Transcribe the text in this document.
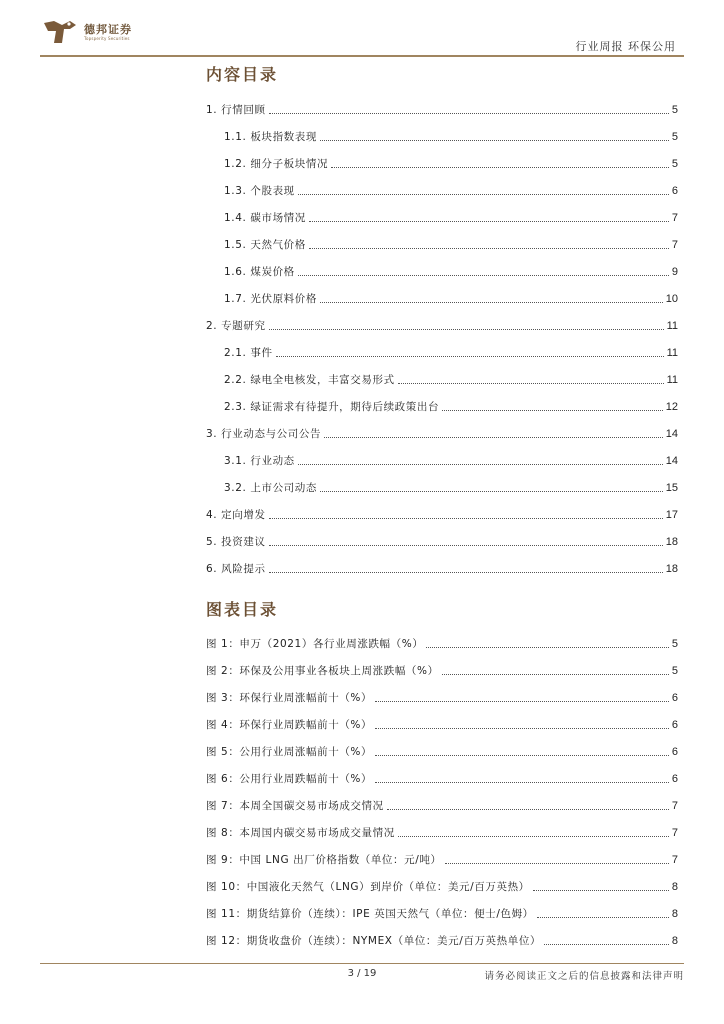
德邦证券
Topsperity Securities
行业周报 环保公用
内容目录
1. 行情回顾	5
1.1. 板块指数表现	5
1.2. 细分子板块情况	5
1.3. 个股表现	6
1.4. 碳市场情况	7
1.5. 天然气价格	7
1.6. 煤炭价格	9
1.7. 光伏原料价格	10
2. 专题研究	11
2.1. 事件	11
2.2. 绿电全电核发，丰富交易形式	11
2.3. 绿证需求有待提升，期待后续政策出台	12
3. 行业动态与公司公告	14
3.1. 行业动态	14
3.2. 上市公司动态	15
4. 定向增发	17
5. 投资建议	18
6. 风险提示	18
图表目录
图 1：申万（2021）各行业周涨跌幅（%）	5
图 2：环保及公用事业各板块上周涨跌幅（%）	5
图 3：环保行业周涨幅前十（%）	6
图 4：环保行业周跌幅前十（%）	6
图 5：公用行业周涨幅前十（%）	6
图 6：公用行业周跌幅前十（%）	6
图 7：本周全国碳交易市场成交情况	7
图 8：本周国内碳交易市场成交量情况	7
图 9：中国 LNG 出厂价格指数（单位：元/吨）	7
图 10：中国液化天然气（LNG）到岸价（单位：美元/百万英热）	8
图 11：期货结算价（连续）：IPE 英国天然气（单位：便士/色姆）	8
图 12：期货收盘价（连续）：NYMEX（单位：美元/百万英热单位）	8
3 / 19	请务必阅读正文之后的信息披露和法律声明
